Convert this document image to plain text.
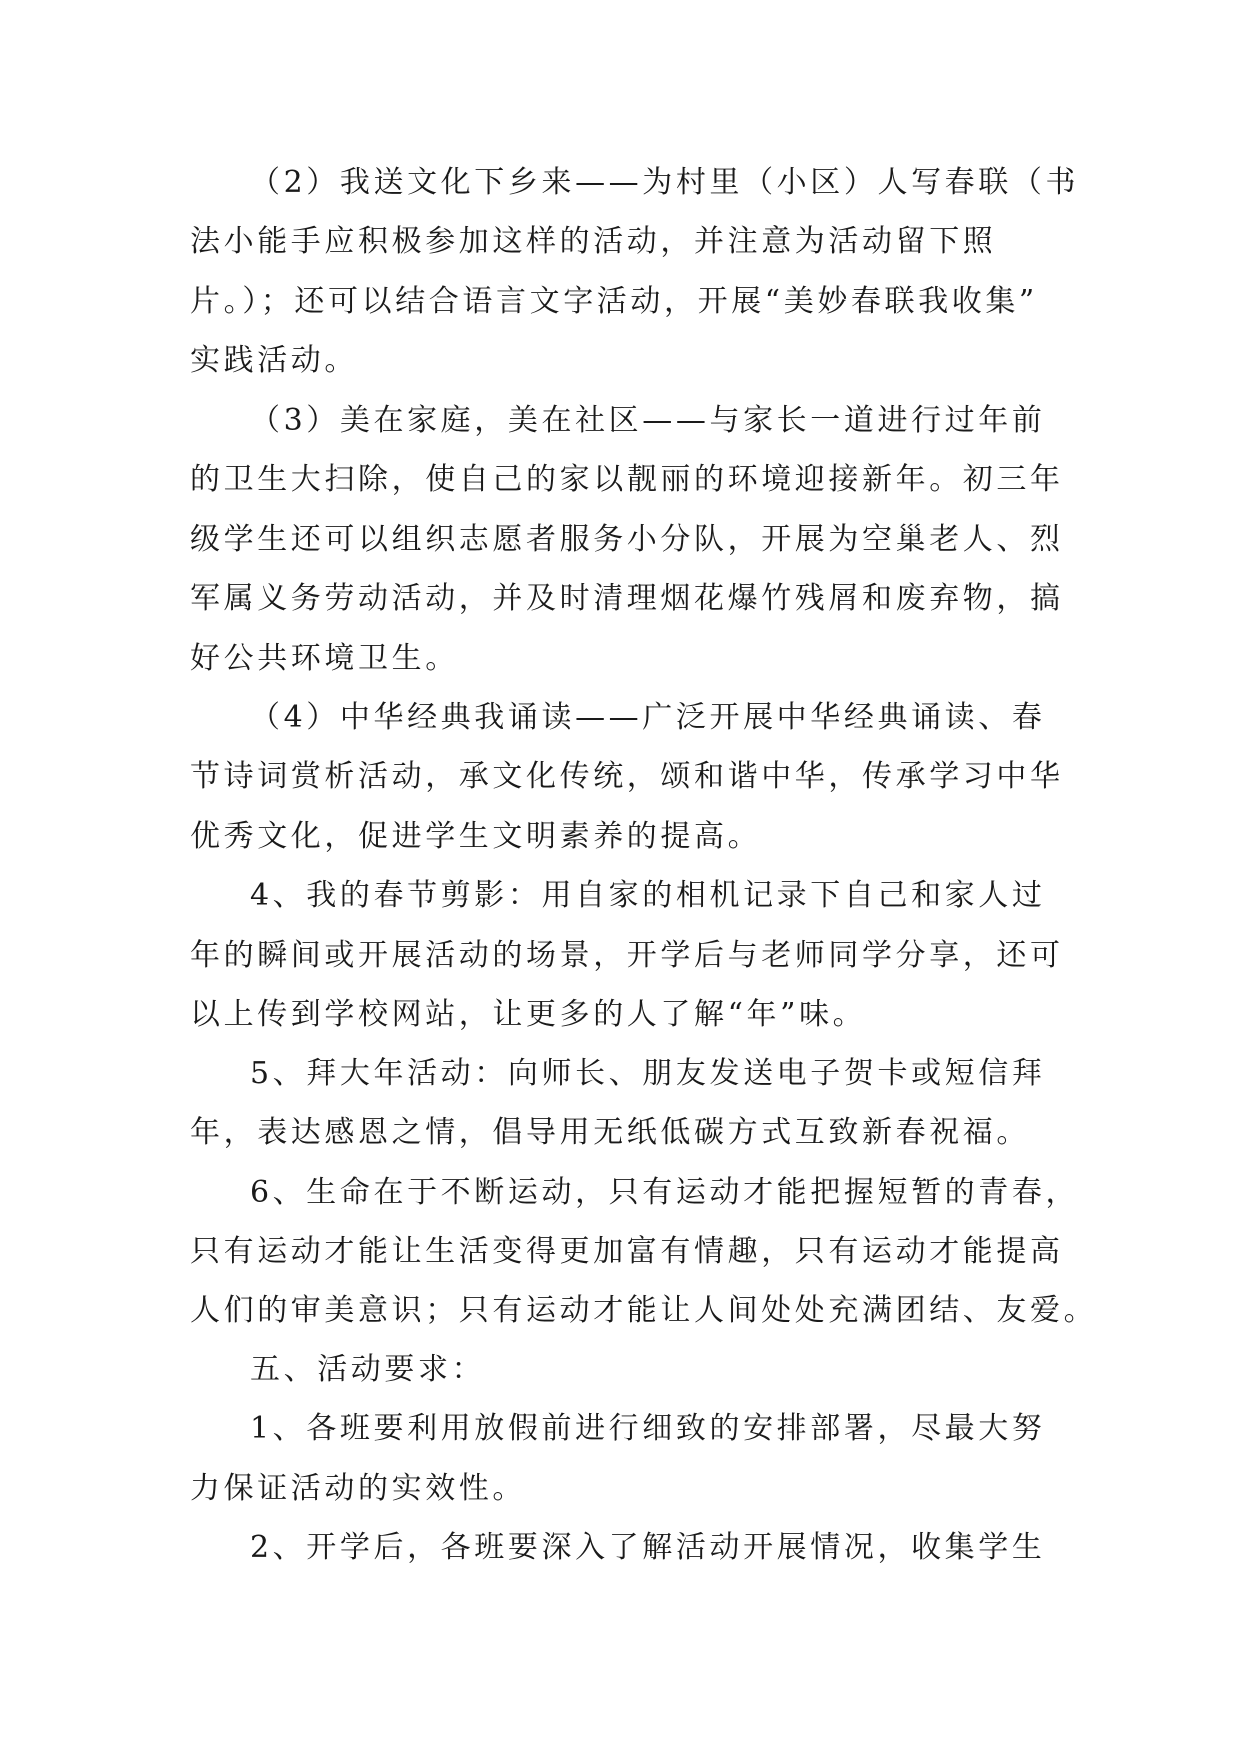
（2）我送文化下乡来——为村里（小区）人写春联（书
法小能手应积极参加这样的活动，并注意为活动留下照
片。）；还可以结合语言文字活动，开展“美妙春联我收集”
实践活动。
（3）美在家庭，美在社区——与家长一道进行过年前
的卫生大扫除，使自己的家以靓丽的环境迎接新年。初三年
级学生还可以组织志愿者服务小分队，开展为空巢老人、烈
军属义务劳动活动，并及时清理烟花爆竹残屑和废弃物，搞
好公共环境卫生。
（4）中华经典我诵读——广泛开展中华经典诵读、春
节诗词赏析活动，承文化传统，颂和谐中华，传承学习中华
优秀文化，促进学生文明素养的提高。
4、我的春节剪影：用自家的相机记录下自己和家人过
年的瞬间或开展活动的场景，开学后与老师同学分享，还可
以上传到学校网站，让更多的人了解“年”味。
5、拜大年活动：向师长、朋友发送电子贺卡或短信拜
年，表达感恩之情，倡导用无纸低碳方式互致新春祝福。
6、生命在于不断运动，只有运动才能把握短暂的青春，
只有运动才能让生活变得更加富有情趣，只有运动才能提高
人们的审美意识；只有运动才能让人间处处充满团结、友爱。
五、活动要求：
1、各班要利用放假前进行细致的安排部署，尽最大努
力保证活动的实效性。
2、开学后，各班要深入了解活动开展情况，收集学生
